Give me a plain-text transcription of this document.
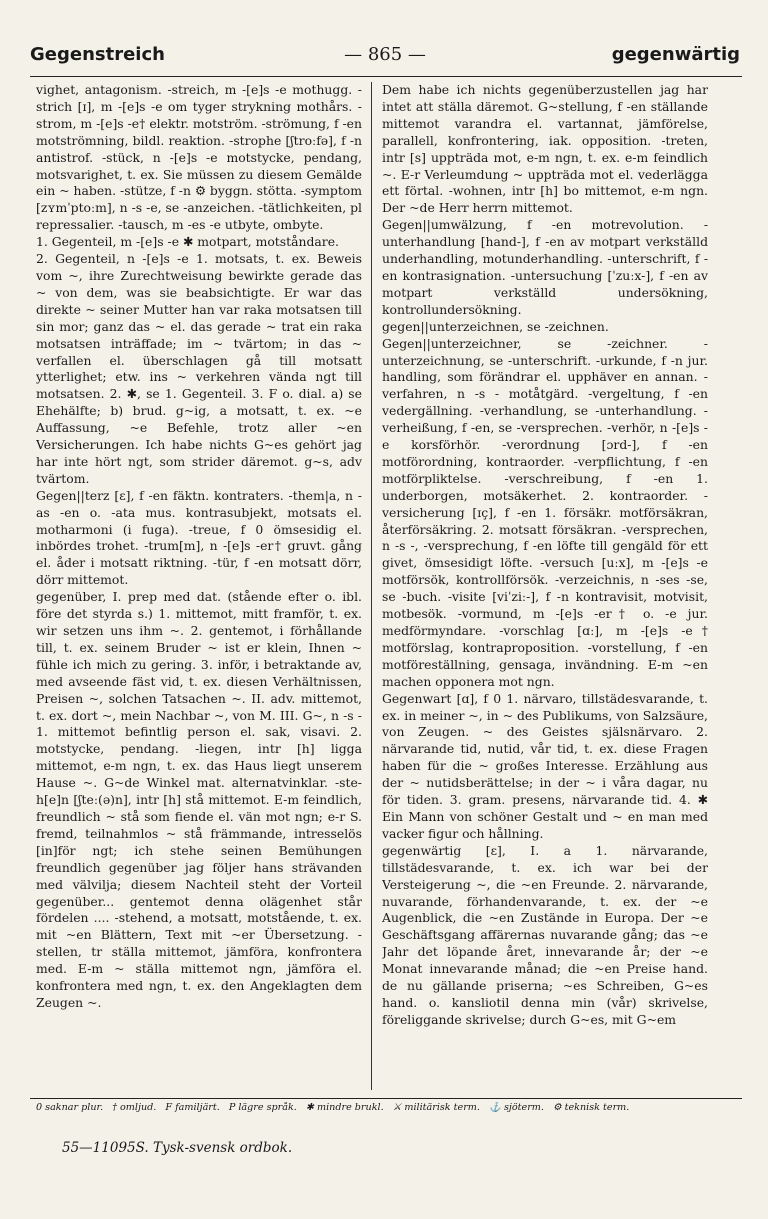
Gegenstreich	— 865 —	gegenwärtig

vighet, antagonism. -streich, m -[e]s -e mothugg. -strich [ɪ], m -[e]s -e om tyger strykning mothårs. -strom, m -[e]s -e† elektr. motström. -strömung, f -en motströmning, bildl. reaktion. -strophe [ʃtroːfə], f -n antistrof. -stück, n -[e]s -e motstycke, pendang, motsvarighet, t. ex. Sie müssen zu diesem Gemälde ein ~ haben. -stütze, f -n ⚙ byggn. stötta. -symptom [zʏmˈptoːm], n -s -e, se -anzeichen. -tätlichkeiten, pl repressalier. -tausch, m -es -e utbyte, ombyte.

1. Gegenteil, m -[e]s -e ✱ motpart, motståndare.

2. Gegenteil, n -[e]s -e 1. motsats, t. ex. Beweis vom ~, ihre Zurechtweisung bewirkte gerade das ~ von dem, was sie beabsichtigte. Er war das direkte ~ seiner Mutter han var raka motsatsen till sin mor; ganz das ~ el. das gerade ~ trat ein raka motsatsen inträffade; im ~ tvärtom; in das ~ verfallen el. überschlagen gå till motsatt ytterlighet; etw. ins ~ verkehren vända ngt till motsatsen. 2. ✱, se 1. Gegenteil. 3. F o. dial. a) se Ehehälfte; b) brud. g~ig, a motsatt, t. ex. ~e Auffassung, ~e Befehle, trotz aller ~en Versicherungen. Ich habe nichts G~es gehört jag har inte hört ngt, som strider däremot. g~s, adv tvärtom.

Gegen||terz [ɛ], f -en fäktn. kontraters. -them|a, n -as -en o. -ata mus. kontrasubjekt, motsats el. motharmoni (i fuga). -treue, f 0 ömsesidig el. inbördes trohet. -trum[m], n -[e]s -er† gruvt. gång el. åder i motsatt riktning. -tür, f -en motsatt dörr, dörr mittemot.

gegenüber, I. prep med dat. (stående efter o. ibl. före det styrda s.) 1. mittemot, mitt framför, t. ex. wir setzen uns ihm ~. 2. gentemot, i förhållande till, t. ex. seinem Bruder ~ ist er klein, Ihnen ~ fühle ich mich zu gering. 3. inför, i betraktande av, med avseende fäst vid, t. ex. diesen Verhältnissen, Preisen ~, solchen Tatsachen ~. II. adv. mittemot, t. ex. dort ~, mein Nachbar ~, von M. III. G~, n -s - 1. mittemot befintlig person el. sak, visavi. 2. motstycke, pendang. -liegen, intr [h] ligga mittemot, e-m ngn, t. ex. das Haus liegt unserem Hause ~. G~de Winkel mat. alternatvinklar. -ste-h[e]n [ʃteː(ə)n], intr [h] stå mittemot. E-m feindlich, freundlich ~ stå som fiende el. vän mot ngn; e-r S. fremd, teilnahmlos ~ stå främmande, intresselös [in]för ngt; ich stehe seinen Bemühungen freundlich gegenüber jag följer hans strävanden med välvilja; diesem Nachteil steht der Vorteil gegenüber... gentemot denna olägenhet står fördelen .... -stehend, a motsatt, motstående, t. ex. mit ~en Blättern, Text mit ~er Übersetzung. -stellen, tr ställa mittemot, jämföra, konfrontera med. E-m ~ ställa mittemot ngn, jämföra el. konfrontera med ngn, t. ex. den Angeklagten dem Zeugen ~.

Dem habe ich nichts gegenüberzustellen jag har intet att ställa däremot. G~stellung, f -en ställande mittemot varandra el. vartannat, jämförelse, parallell, konfrontering, iak. opposition. -treten, intr [s] uppträda mot, e-m ngn, t. ex. e-m feindlich ~. E-r Verleumdung ~ uppträda mot el. vederlägga ett förtal. -wohnen, intr [h] bo mittemot, e-m ngn. Der ~de Herr herrn mittemot.

Gegen||umwälzung, f -en motrevolution. -unterhandlung [hand-], f -en av motpart verkställd underhandling, motunderhandling. -unterschrift, f -en kontrasignation. -untersuchung [ˈzuːx-], f -en av motpart verkställd undersökning, kontrollundersökning.

gegen||unterzeichnen, se -zeichnen.

Gegen||unterzeichner, se -zeichner. -unterzeichnung, se -unterschrift. -urkunde, f -n jur. handling, som förändrar el. upphäver en annan. -verfahren, n -s - motåtgärd. -vergeltung, f -en vedergällning. -verhandlung, se -unterhandlung. -verheißung, f -en, se -versprechen. -verhör, n -[e]s -e korsförhör. -verordnung [ɔrd-], f -en motförordning, kontraorder. -verpflichtung, f -en motförpliktelse. -verschreibung, f -en 1. underborgen, motsäkerhet. 2. kontraorder. -versicherung [ɪç], f -en 1. försäkr. motförsäkran, återförsäkring. 2. motsatt försäkran. -versprechen, n -s -, -versprechung, f -en löfte till gengäld för ett givet, ömsesidigt löfte. -versuch [uːx], m -[e]s -e motförsök, kontrollförsök. -verzeichnis, n -ses -se, se -buch. -visite [viˈziː-], f -n kontravisit, motvisit, motbesök. -vormund, m -[e]s -er† o. -e jur. medförmyndare. -vorschlag [ɑː], m -[e]s -e† motförslag, kontraproposition. -vorstellung, f -en motföreställning, gensaga, invändning. E-m ~en machen opponera mot ngn.

Gegenwart [ɑ], f 0 1. närvaro, tillstädesvarande, t. ex. in meiner ~, in ~ des Publikums, von Salzsäure, von Zeugen. ~ des Geistes själsnärvaro. 2. närvarande tid, nutid, vår tid, t. ex. diese Fragen haben für die ~ großes Interesse. Erzählung aus der ~ nutidsberättelse; in der ~ i våra dagar, nu för tiden. 3. gram. presens, närvarande tid. 4. ✱ Ein Mann von schöner Gestalt und ~ en man med vacker figur och hållning.

gegenwärtig [ɛ], I. a 1. närvarande, tillstädesvarande, t. ex. ich war bei der Versteigerung ~, die ~en Freunde. 2. närvarande, nuvarande, förhandenvarande, t. ex. der ~e Augenblick, die ~en Zustände in Europa. Der ~e Geschäftsgang affärernas nuvarande gång; das ~e Jahr det löpande året, innevarande år; der ~e Monat innevarande månad; die ~en Preise hand. de nu gällande priserna; ~es Schreiben, G~es hand. o. kansliotil denna min (vår) skrivelse, föreliggande skrivelse; durch G~es, mit G~em

0 saknar plur. † omljud. F familjärt. P lägre språk. ✱ mindre brukl. ⚔ militärisk term. ⚓ sjöterm. ⚙ teknisk term.
55—11095S. Tysk-svensk ordbok.
